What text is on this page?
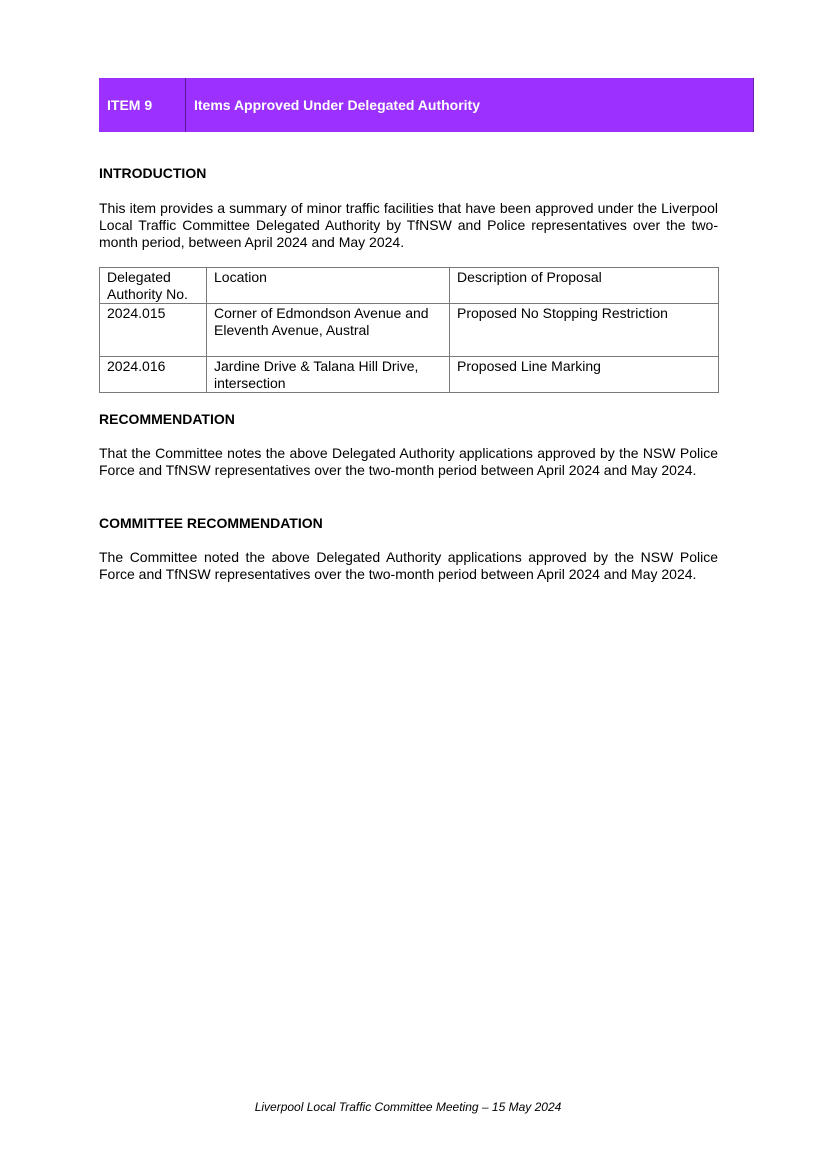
ITEM 9	Items Approved Under Delegated Authority
INTRODUCTION

This item provides a summary of minor traffic facilities that have been approved under the Liverpool Local Traffic Committee Delegated Authority by TfNSW and Police representatives over the two-month period, between April 2024 and May 2024.

Delegated Authority No.	Location	Description of Proposal
2024.015	Corner of Edmondson Avenue and Eleventh Avenue, Austral	Proposed No Stopping Restriction
2024.016	Jardine Drive & Talana Hill Drive, intersection	Proposed Line Marking
RECOMMENDATION

That the Committee notes the above Delegated Authority applications approved by the NSW Police Force and TfNSW representatives over the two-month period between April 2024 and May 2024.

COMMITTEE RECOMMENDATION

The Committee noted the above Delegated Authority applications approved by the NSW Police Force and TfNSW representatives over the two-month period between April 2024 and May 2024.

Liverpool Local Traffic Committee Meeting – 15 May 2024
